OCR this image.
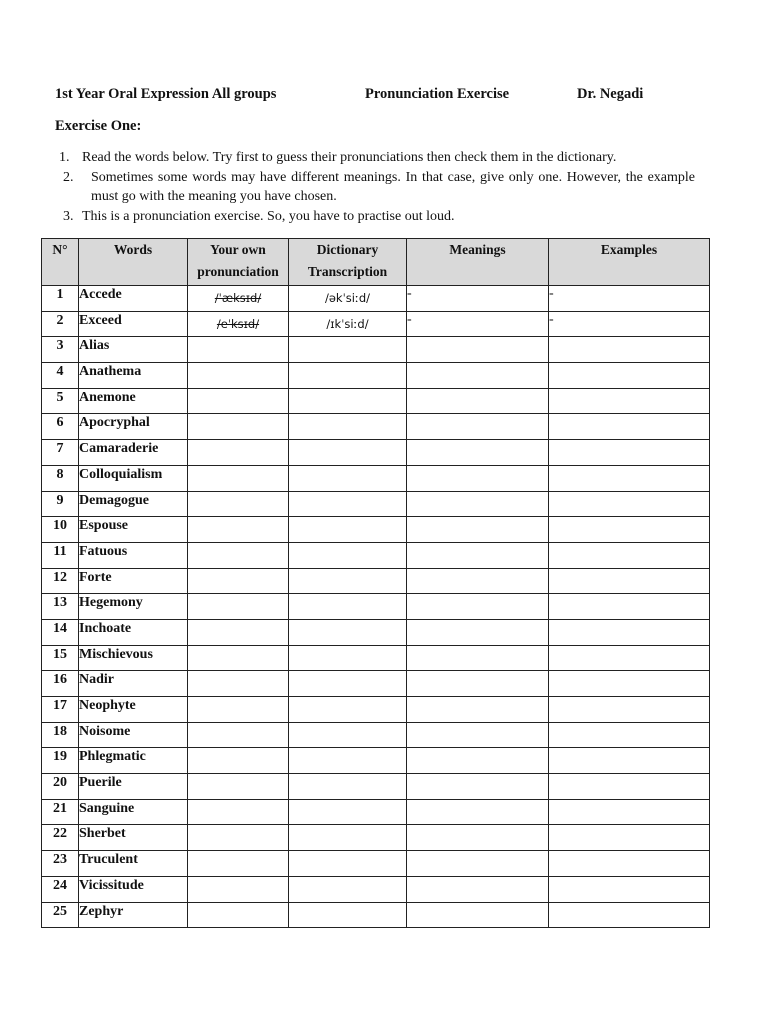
1st Year Oral Expression All groups	Pronunciation Exercise	Dr. Negadi
Exercise One:
1. Read the words below. Try first to guess their pronunciations then check them in the dictionary.
2. Sometimes some words may have different meanings. In that case, give only one. However, the example must go with the meaning you have chosen.
3. This is a pronunciation exercise. So, you have to practise out loud.
N°	Words	Your own pronunciation	Dictionary Transcription	Meanings	Examples
1	Accede	/ˈæksɪd/	/əkˈsiːd/	-	-
2	Exceed	/eˈksɪd/	/ɪkˈsiːd/	-	-
3	Alias				
4	Anathema				
5	Anemone				
6	Apocryphal				
7	Camaraderie				
8	Colloquialism				
9	Demagogue				
10	Espouse				
11	Fatuous				
12	Forte				
13	Hegemony				
14	Inchoate				
15	Mischievous				
16	Nadir				
17	Neophyte				
18	Noisome				
19	Phlegmatic				
20	Puerile				
21	Sanguine				
22	Sherbet				
23	Truculent				
24	Vicissitude				
25	Zephyr				
